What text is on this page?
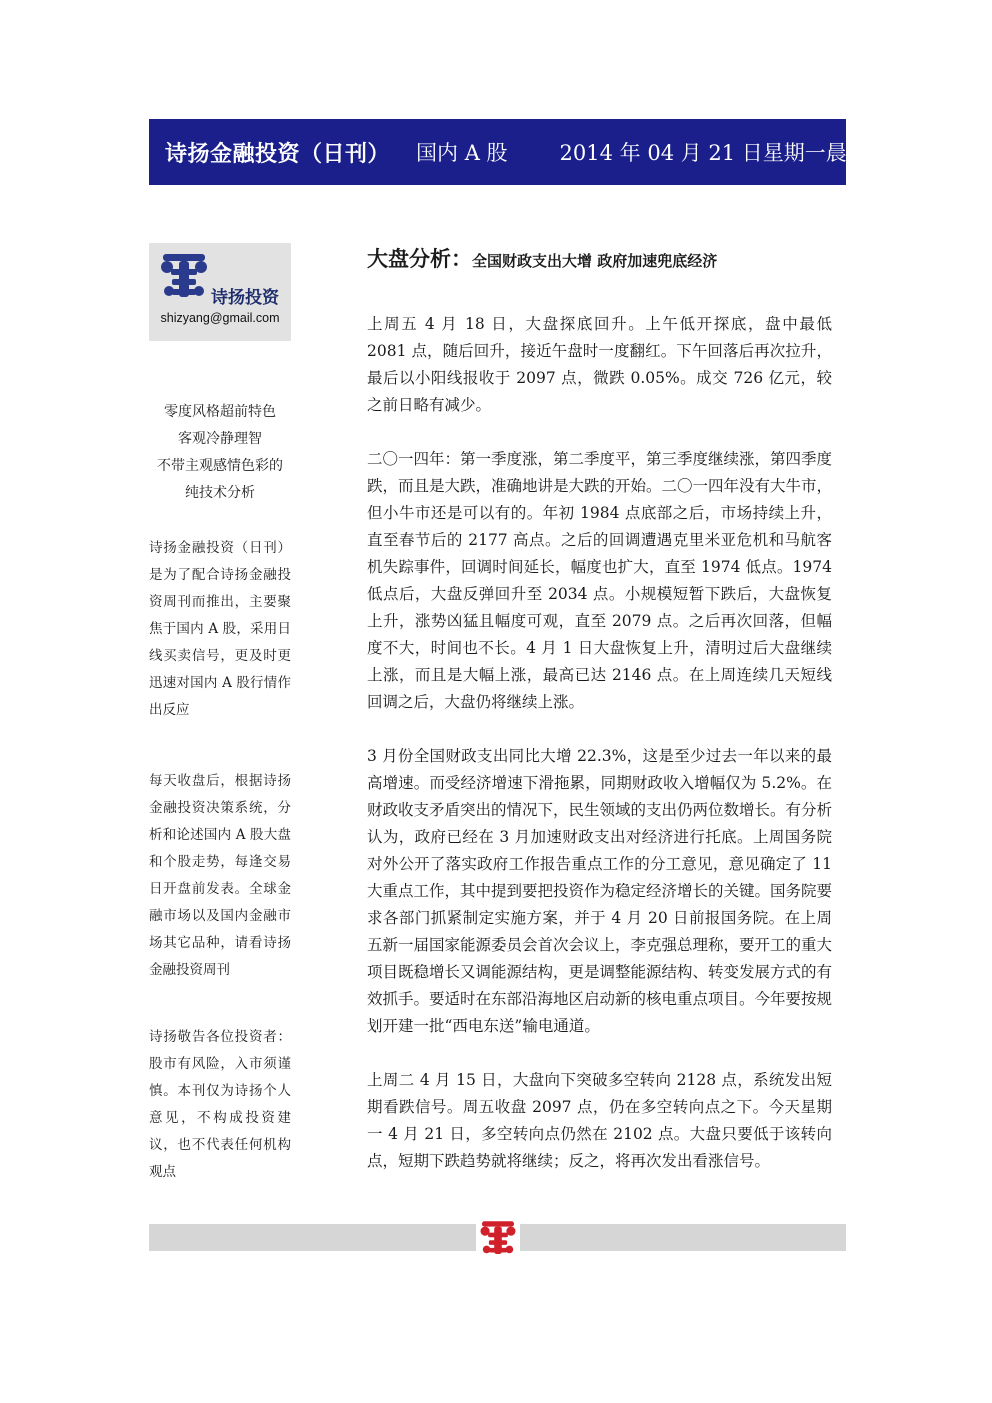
诗扬金融投资（日刊） 国内 A 股 2014 年 04 月 21 日星期一晨
诗扬投资
shizyang@gmail.com
零度风格超前特色
客观冷静理智
不带主观感情色彩的
纯技术分析
诗扬金融投资（日刊）是为了配合诗扬金融投资周刊而推出，主要聚焦于国内 A 股，采用日线买卖信号，更及时更迅速对国内 A 股行情作出反应
每天收盘后，根据诗扬金融投资决策系统，分析和论述国内 A 股大盘和个股走势，每逢交易日开盘前发表。全球金融市场以及国内金融市场其它品种，请看诗扬金融投资周刊
诗扬敬告各位投资者：股市有风险，入市须谨慎。本刊仅为诗扬个人意见，不构成投资建议，也不代表任何机构观点
大盘分析： 全国财政支出大增 政府加速兜底经济

上周五 4 月 18 日，大盘探底回升。上午低开探底，盘中最低 2081 点，随后回升，接近午盘时一度翻红。下午回落后再次拉升，最后以小阳线报收于 2097 点，微跌 0.05%。成交 726 亿元，较之前日略有减少。

二〇一四年：第一季度涨，第二季度平，第三季度继续涨，第四季度跌，而且是大跌，准确地讲是大跌的开始。二〇一四年没有大牛市，但小牛市还是可以有的。年初 1984 点底部之后，市场持续上升，直至春节后的 2177 高点。之后的回调遭遇克里米亚危机和马航客机失踪事件，回调时间延长，幅度也扩大，直至 1974 低点。1974 低点后，大盘反弹回升至 2034 点。小规模短暂下跌后，大盘恢复上升，涨势凶猛且幅度可观，直至 2079 点。之后再次回落，但幅度不大，时间也不长。4 月 1 日大盘恢复上升，清明过后大盘继续上涨，而且是大幅上涨，最高已达 2146 点。在上周连续几天短线回调之后，大盘仍将继续上涨。

3 月份全国财政支出同比大增 22.3%，这是至少过去一年以来的最高增速。而受经济增速下滑拖累，同期财政收入增幅仅为 5.2%。在财政收支矛盾突出的情况下，民生领域的支出仍两位数增长。有分析认为，政府已经在 3 月加速财政支出对经济进行托底。上周国务院对外公开了落实政府工作报告重点工作的分工意见，意见确定了 11 大重点工作，其中提到要把投资作为稳定经济增长的关键。国务院要求各部门抓紧制定实施方案，并于 4 月 20 日前报国务院。在上周五新一届国家能源委员会首次会议上，李克强总理称，要开工的重大项目既稳增长又调能源结构，更是调整能源结构、转变发展方式的有效抓手。要适时在东部沿海地区启动新的核电重点项目。今年要按规划开建一批“西电东送”输电通道。

上周二 4 月 15 日，大盘向下突破多空转向 2128 点，系统发出短期看跌信号。周五收盘 2097 点，仍在多空转向点之下。今天星期一 4 月 21 日，多空转向点仍然在 2102 点。大盘只要低于该转向点，短期下跌趋势就将继续；反之，将再次发出看涨信号。
